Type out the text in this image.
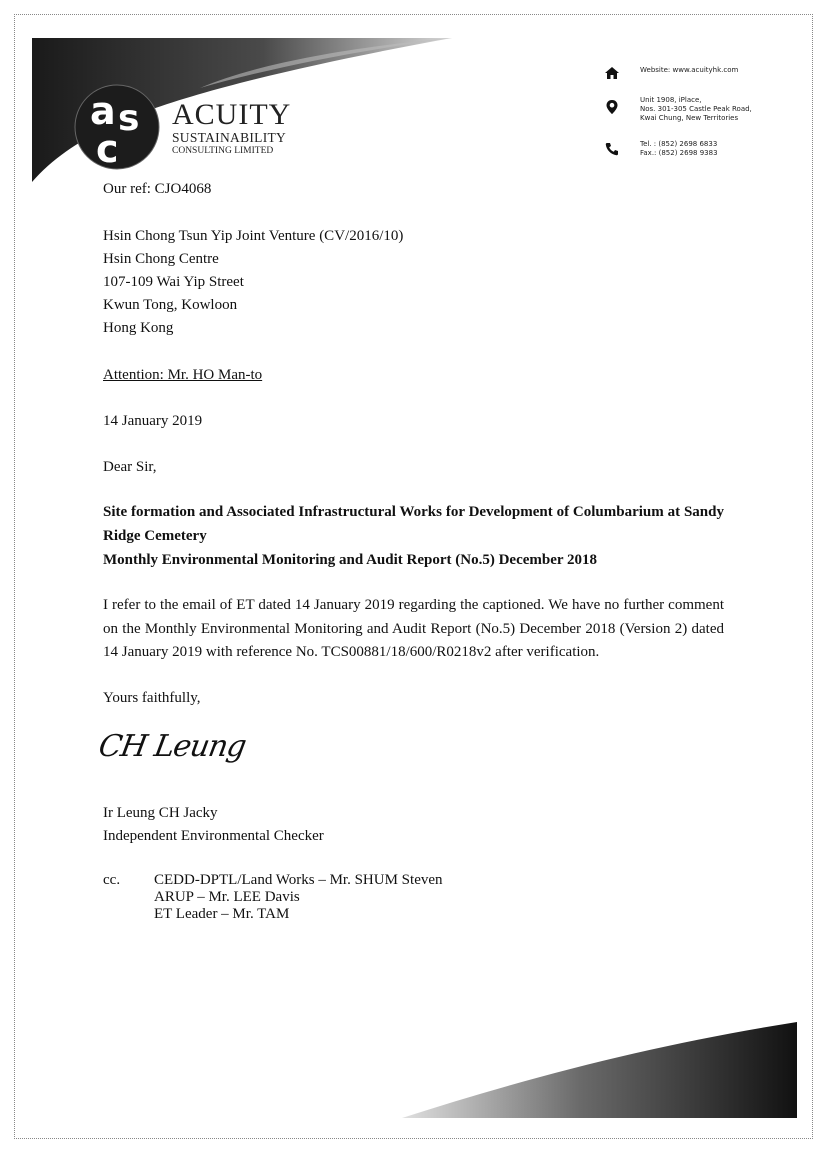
a s
c
ACUITY
SUSTAINABILITY
CONSULTING LIMITED
Website: www.acuityhk.com
Unit 1908, iPlace,
Nos. 301-305 Castle Peak Road,
Kwai Chung, New Territories
Tel. : (852) 2698 6833
Fax.: (852) 2698 9383
Our ref: CJO4068
Hsin Chong Tsun Yip Joint Venture (CV/2016/10)
Hsin Chong Centre
107-109 Wai Yip Street
Kwun Tong, Kowloon
Hong Kong
Attention: Mr. HO Man-to
14 January 2019
Dear Sir,
Site formation and Associated Infrastructural Works for Development of Columbarium at Sandy Ridge Cemetery
Monthly Environmental Monitoring and Audit Report (No.5) December 2018
I refer to the email of ET dated 14 January 2019 regarding the captioned. We have no further comment on the Monthly Environmental Monitoring and Audit Report (No.5) December 2018 (Version 2) dated 14 January 2019 with reference No. TCS00881/18/600/R0218v2 after verification.
Yours faithfully,
CH Leung
Ir Leung CH Jacky
Independent Environmental Checker
cc. CEDD-DPTL/Land Works – Mr. SHUM Steven
ARUP – Mr. LEE Davis
ET Leader – Mr. TAM
